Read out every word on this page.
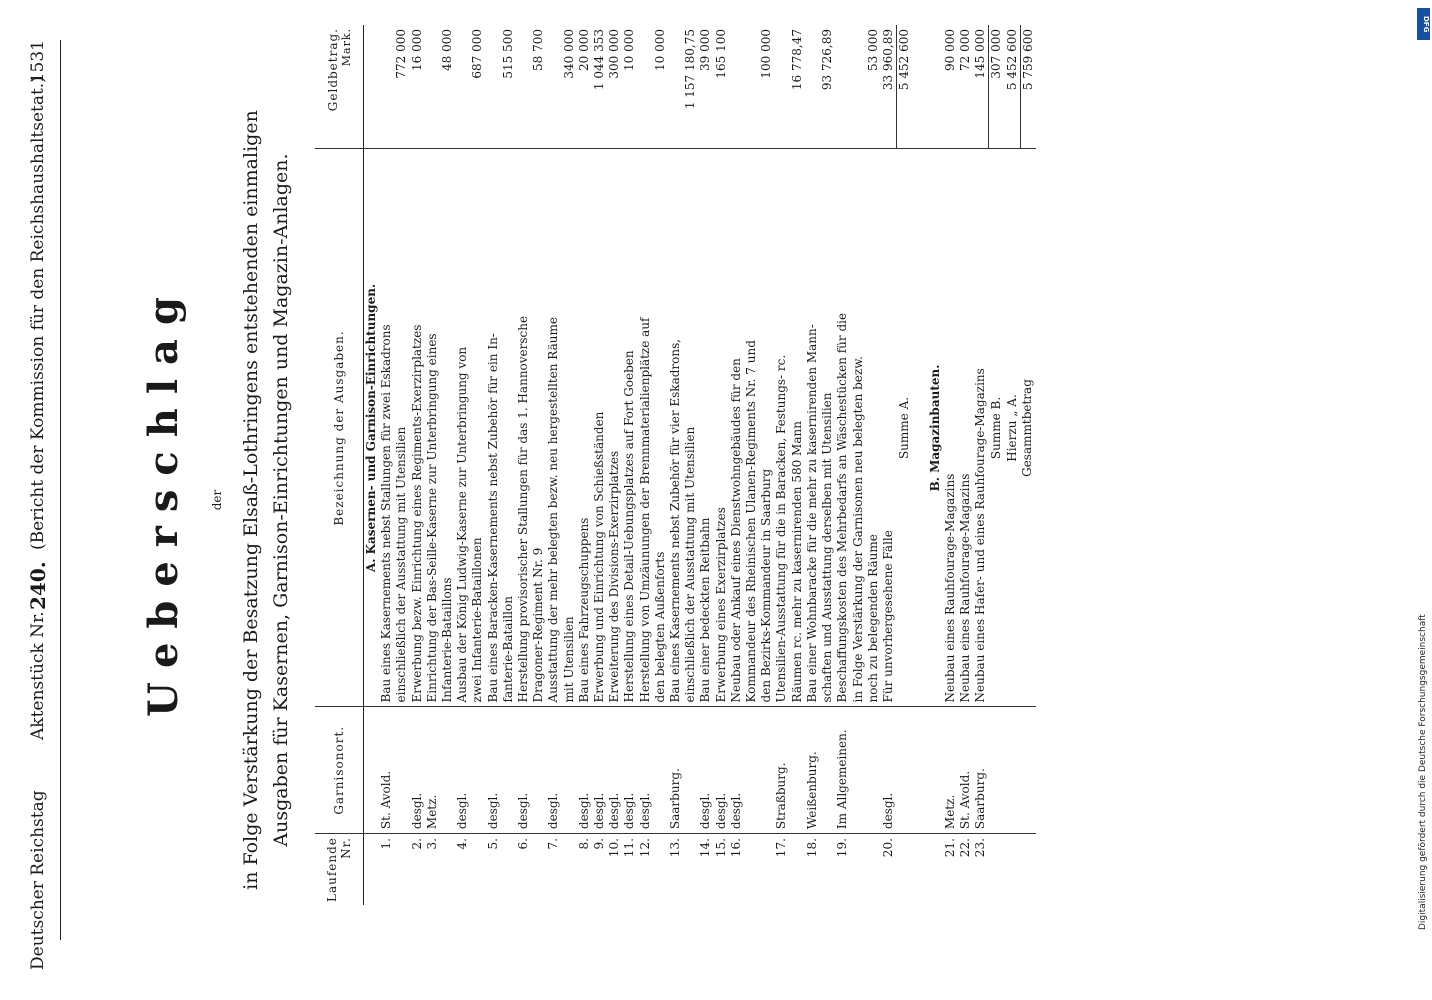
DFG
Digitalisierung gefördert durch die Deutsche Forschungsgemeinschaft
Deutscher Reichstag
Aktenstück Nr.
240.
(Bericht der Kommission für den Reichshaushaltsetat.)
1531
Ueberschlag der in Folge Verstärkung der Besatzung Elsaß-Lothringens entstehenden einmaligen Ausgaben für Kasernen, Garnison-Einrichtungen und Magazin-Anlagen.
Laufende Nr.	Garnisonort.	Bezeichnung der Ausgaben.	Geldbetrag. Mark.

		A. Kasernen- und Garnison-Einrichtungen.	
1.	St. Avold.	Bau eines Kasernements nebst Stallungen für zwei Eskadrons	
		einschließlich der Ausstattung mit Utensilien	772 000
2.	desgl.	Erwerbung bezw. Einrichtung eines Regiments-Exerzirplatzes	16 000
3.	Metz.	Einrichtung der Bas-Seille-Kaserne zur Unterbringung eines	
		Infanterie-Bataillons	48 000
4.	desgl.	Ausbau der König Ludwig-Kaserne zur Unterbringung von	
		zwei Infanterie-Bataillonen	687 000
5.	desgl.	Bau eines Baracken-Kasernements nebst Zubehör für ein In-	
		fanterie-Bataillon	515 500
6.	desgl.	Herstellung provisorischer Stallungen für das 1. Hannoversche	
		Dragoner-Regiment Nr. 9	58 700
7.	desgl.	Ausstattung der mehr belegten bezw. neu hergestellten Räume	
		mit Utensilien	340 000
8.	desgl.	Bau eines Fahrzeugschuppens	20 000
9.	desgl.	Erwerbung und Einrichtung von Schießständen	1 044 353
10.	desgl.	Erweiterung des Divisions-Exerzirplatzes	300 000
11.	desgl.	Herstellung eines Detail-Uebungsplatzes auf Fort Goeben	10 000
12.	desgl.	Herstellung von Umzäunungen der Brennmaterialienplätze auf	
		den belegten Außenforts	10 000
13.	Saarburg.	Bau eines Kasernements nebst Zubehör für vier Eskadrons,	
		einschließlich der Ausstattung mit Utensilien	1 157 180,75
14.	desgl.	Bau einer bedeckten Reitbahn	39 000
15.	desgl.	Erwerbung eines Exerzirplatzes	165 100
16.	desgl.	Neubau oder Ankauf eines Dienstwohngebäudes für den	
		Kommandeur des Rheinischen Ulanen-Regiments Nr. 7 und	
		den Bezirks-Kommandeur in Saarburg	100 000
17.	Straßburg.	Utensilien-Ausstattung für die in Baracken, Festungs- rc.	
		Räumen rc. mehr zu kasernirenden 580 Mann	16 778,47
18.	Weißenburg.	Bau einer Wohnbaracke für die mehr zu kasernirenden Mann-	
		schaften und Ausstattung derselben mit Utensilien	93 726,89
19.	Im Allgemeinen.	Beschaffungskosten des Mehrbedarfs an Wäschestücken für die	
		in Folge Verstärkung der Garnisonen neu belegten bezw.	
		noch zu belegenden Räume	53 000
20.	desgl.	Für unvorhergesehene Fälle	33 960,89
		Summe A.	5 452 600

		B. Magazinbauten.	
21.	Metz.	Neubau eines Rauhfourage-Magazins	90 000
22.	St. Avold.	Neubau eines Rauhfourage-Magazins	72 000
23.	Saarburg.	Neubau eines Hafer- und eines Rauhfourage-Magazins	145 000
		Summe B.	307 000
		Hierzu „ A.	5 452 600
		Gesammtbetrag	5 759 600
